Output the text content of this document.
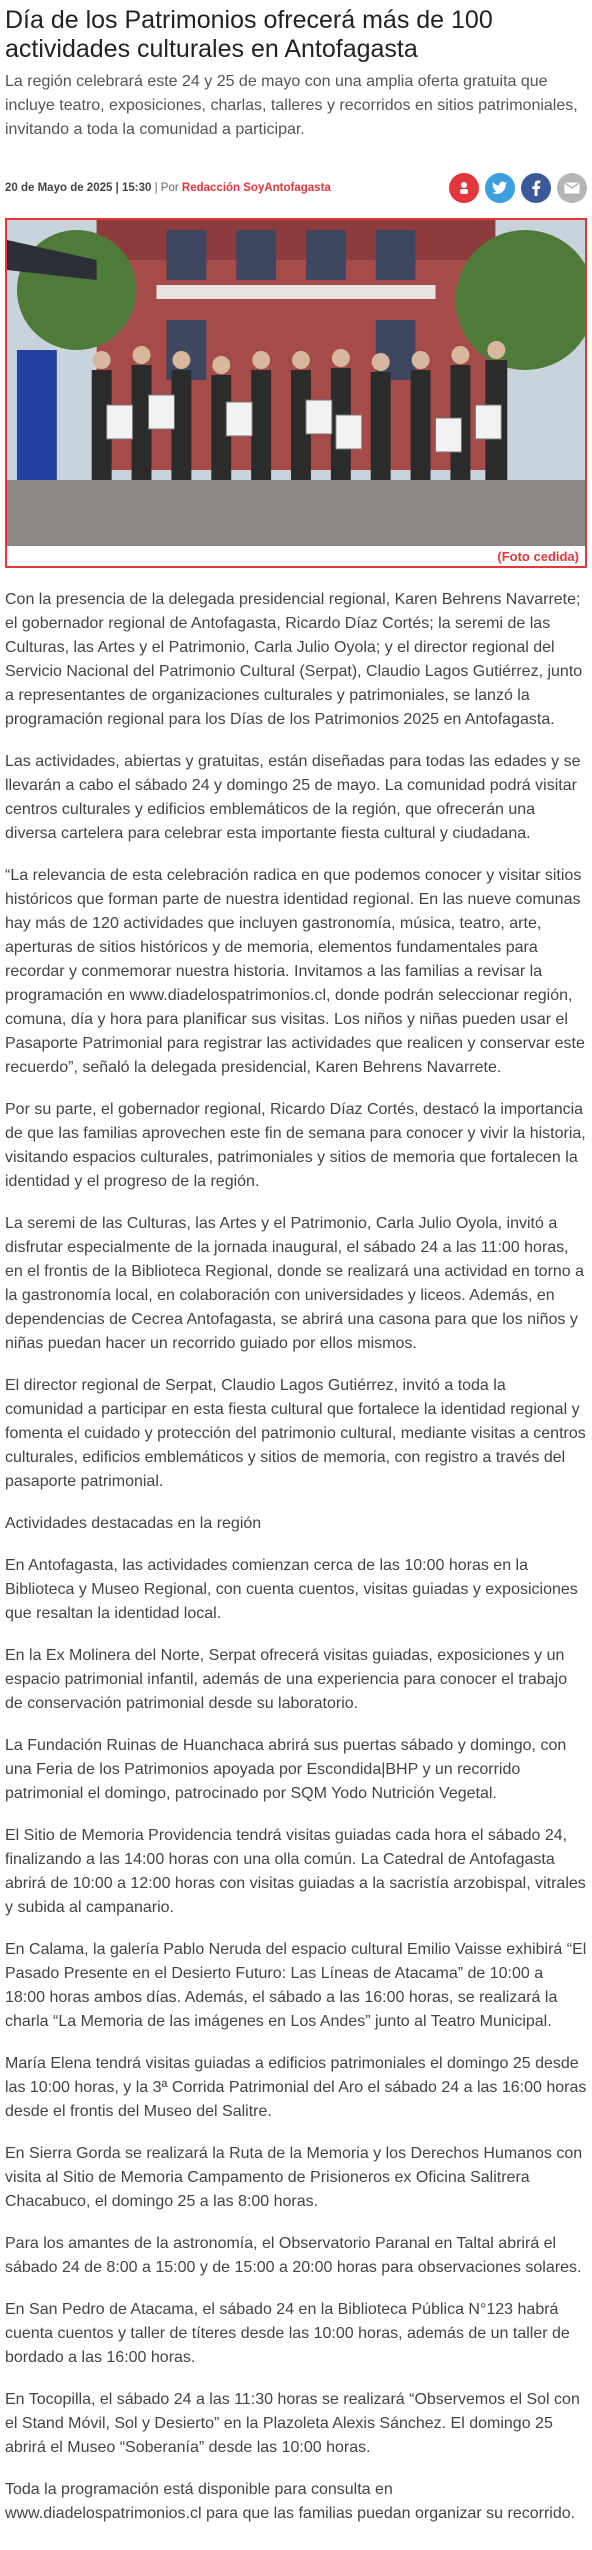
Día de los Patrimonios ofrecerá más de 100 actividades culturales en Antofagasta

La región celebrará este 24 y 25 de mayo con una amplia oferta gratuita que incluye teatro, exposiciones, charlas, talleres y recorridos en sitios patrimoniales, invitando a toda la comunidad a participar.

20 de Mayo de 2025 | 15:30 | Por Redacción SoyAntofagasta
(Foto cedida)

Con la presencia de la delegada presidencial regional, Karen Behrens Navarrete; el gobernador regional de Antofagasta, Ricardo Díaz Cortés; la seremi de las Culturas, las Artes y el Patrimonio, Carla Julio Oyola; y el director regional del Servicio Nacional del Patrimonio Cultural (Serpat), Claudio Lagos Gutiérrez, junto a representantes de organizaciones culturales y patrimoniales, se lanzó la programación regional para los Días de los Patrimonios 2025 en Antofagasta.

Las actividades, abiertas y gratuitas, están diseñadas para todas las edades y se llevarán a cabo el sábado 24 y domingo 25 de mayo. La comunidad podrá visitar centros culturales y edificios emblemáticos de la región, que ofrecerán una diversa cartelera para celebrar esta importante fiesta cultural y ciudadana.

“La relevancia de esta celebración radica en que podemos conocer y visitar sitios históricos que forman parte de nuestra identidad regional. En las nueve comunas hay más de 120 actividades que incluyen gastronomía, música, teatro, arte, aperturas de sitios históricos y de memoria, elementos fundamentales para recordar y conmemorar nuestra historia. Invitamos a las familias a revisar la programación en www.diadelospatrimonios.cl, donde podrán seleccionar región, comuna, día y hora para planificar sus visitas. Los niños y niñas pueden usar el Pasaporte Patrimonial para registrar las actividades que realicen y conservar este recuerdo”, señaló la delegada presidencial, Karen Behrens Navarrete.

Por su parte, el gobernador regional, Ricardo Díaz Cortés, destacó la importancia de que las familias aprovechen este fin de semana para conocer y vivir la historia, visitando espacios culturales, patrimoniales y sitios de memoria que fortalecen la identidad y el progreso de la región.

La seremi de las Culturas, las Artes y el Patrimonio, Carla Julio Oyola, invitó a disfrutar especialmente de la jornada inaugural, el sábado 24 a las 11:00 horas, en el frontis de la Biblioteca Regional, donde se realizará una actividad en torno a la gastronomía local, en colaboración con universidades y liceos. Además, en dependencias de Cecrea Antofagasta, se abrirá una casona para que los niños y niñas puedan hacer un recorrido guiado por ellos mismos.

El director regional de Serpat, Claudio Lagos Gutiérrez, invitó a toda la comunidad a participar en esta fiesta cultural que fortalece la identidad regional y fomenta el cuidado y protección del patrimonio cultural, mediante visitas a centros culturales, edificios emblemáticos y sitios de memoria, con registro a través del pasaporte patrimonial.

Actividades destacadas en la región

En Antofagasta, las actividades comienzan cerca de las 10:00 horas en la Biblioteca y Museo Regional, con cuenta cuentos, visitas guiadas y exposiciones que resaltan la identidad local.

En la Ex Molinera del Norte, Serpat ofrecerá visitas guiadas, exposiciones y un espacio patrimonial infantil, además de una experiencia para conocer el trabajo de conservación patrimonial desde su laboratorio.

La Fundación Ruinas de Huanchaca abrirá sus puertas sábado y domingo, con una Feria de los Patrimonios apoyada por Escondida|BHP y un recorrido patrimonial el domingo, patrocinado por SQM Yodo Nutrición Vegetal.

El Sitio de Memoria Providencia tendrá visitas guiadas cada hora el sábado 24, finalizando a las 14:00 horas con una olla común. La Catedral de Antofagasta abrirá de 10:00 a 12:00 horas con visitas guiadas a la sacristía arzobispal, vitrales y subida al campanario.

En Calama, la galería Pablo Neruda del espacio cultural Emilio Vaisse exhibirá “El Pasado Presente en el Desierto Futuro: Las Líneas de Atacama” de 10:00 a 18:00 horas ambos días. Además, el sábado a las 16:00 horas, se realizará la charla “La Memoria de las imágenes en Los Andes” junto al Teatro Municipal.

María Elena tendrá visitas guiadas a edificios patrimoniales el domingo 25 desde las 10:00 horas, y la 3ª Corrida Patrimonial del Aro el sábado 24 a las 16:00 horas desde el frontis del Museo del Salitre.

En Sierra Gorda se realizará la Ruta de la Memoria y los Derechos Humanos con visita al Sitio de Memoria Campamento de Prisioneros ex Oficina Salitrera Chacabuco, el domingo 25 a las 8:00 horas.

Para los amantes de la astronomía, el Observatorio Paranal en Taltal abrirá el sábado 24 de 8:00 a 15:00 y de 15:00 a 20:00 horas para observaciones solares.

En San Pedro de Atacama, el sábado 24 en la Biblioteca Pública N°123 habrá cuenta cuentos y taller de títeres desde las 10:00 horas, además de un taller de bordado a las 16:00 horas.

En Tocopilla, el sábado 24 a las 11:30 horas se realizará “Observemos el Sol con el Stand Móvil, Sol y Desierto” en la Plazoleta Alexis Sánchez. El domingo 25 abrirá el Museo “Soberanía” desde las 10:00 horas.

Toda la programación está disponible para consulta en www.diadelospatrimonios.cl para que las familias puedan organizar su recorrido.
